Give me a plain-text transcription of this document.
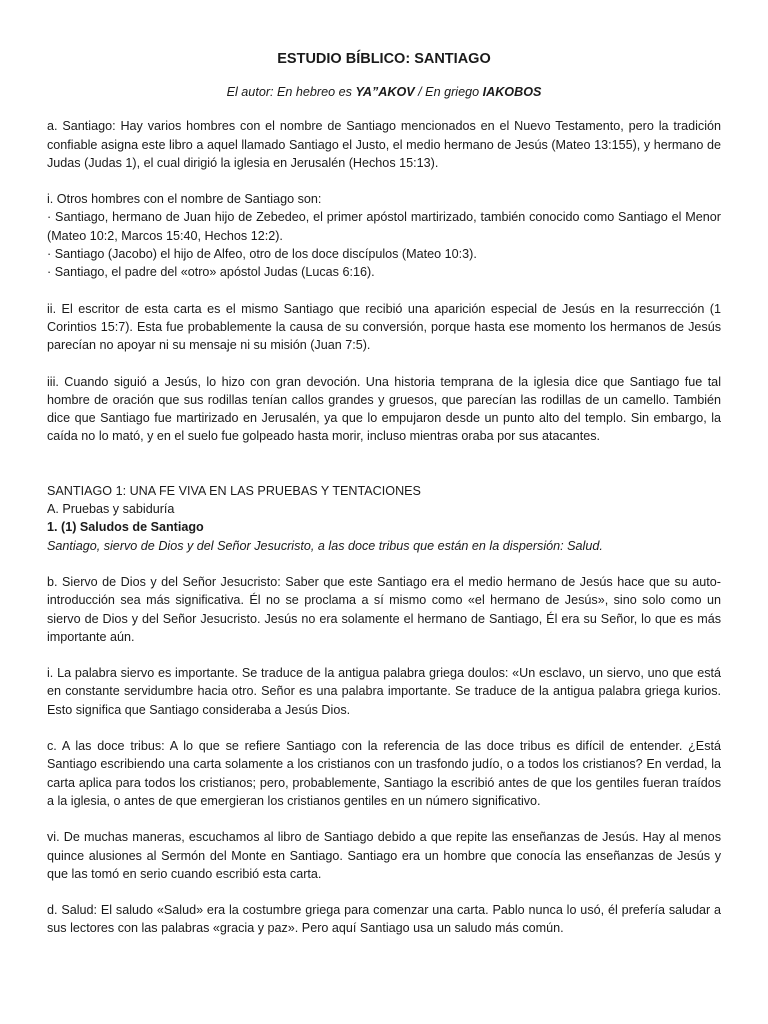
ESTUDIO BÍBLICO: SANTIAGO
El autor: En hebreo es YA”AKOV / En griego IAKOBOS

a. Santiago: Hay varios hombres con el nombre de Santiago mencionados en el Nuevo Testamento, pero la tradición confiable asigna este libro a aquel llamado Santiago el Justo, el medio hermano de Jesús (Mateo 13:155), y hermano de Judas (Judas 1), el cual dirigió la iglesia en Jerusalén (Hechos 15:13).

i. Otros hombres con el nombre de Santiago son:

· Santiago, hermano de Juan hijo de Zebedeo, el primer apóstol martirizado, también conocido como Santiago el Menor (Mateo 10:2, Marcos 15:40, Hechos 12:2).

· Santiago (Jacobo) el hijo de Alfeo, otro de los doce discípulos (Mateo 10:3).

· Santiago, el padre del «otro» apóstol Judas (Lucas 6:16).

ii. El escritor de esta carta es el mismo Santiago que recibió una aparición especial de Jesús en la resurrección (1 Corintios 15:7). Esta fue probablemente la causa de su conversión, porque hasta ese momento los hermanos de Jesús parecían no apoyar ni su mensaje ni su misión (Juan 7:5).

iii. Cuando siguió a Jesús, lo hizo con gran devoción. Una historia temprana de la iglesia dice que Santiago fue tal hombre de oración que sus rodillas tenían callos grandes y gruesos, que parecían las rodillas de un camello. También dice que Santiago fue martirizado en Jerusalén, ya que lo empujaron desde un punto alto del templo. Sin embargo, la caída no lo mató, y en el suelo fue golpeado hasta morir, incluso mientras oraba por sus atacantes.

SANTIAGO 1: UNA FE VIVA EN LAS PRUEBAS Y TENTACIONES

A. Pruebas y sabiduría

1. (1) Saludos de Santiago

Santiago, siervo de Dios y del Señor Jesucristo, a las doce tribus que están en la dispersión: Salud.

b. Siervo de Dios y del Señor Jesucristo: Saber que este Santiago era el medio hermano de Jesús hace que su auto-introducción sea más significativa. Él no se proclama a sí mismo como «el hermano de Jesús», sino solo como un siervo de Dios y del Señor Jesucristo. Jesús no era solamente el hermano de Santiago, Él era su Señor, lo que es más importante aún.

i. La palabra siervo es importante. Se traduce de la antigua palabra griega doulos: «Un esclavo, un siervo, uno que está en constante servidumbre hacia otro. Señor es una palabra importante. Se traduce de la antigua palabra griega kurios. Esto significa que Santiago consideraba a Jesús Dios.

c. A las doce tribus: A lo que se refiere Santiago con la referencia de las doce tribus es difícil de entender. ¿Está Santiago escribiendo una carta solamente a los cristianos con un trasfondo judío, o a todos los cristianos? En verdad, la carta aplica para todos los cristianos; pero, probablemente, Santiago la escribió antes de que los gentiles fueran traídos a la iglesia, o antes de que emergieran los cristianos gentiles en un número significativo.

vi. De muchas maneras, escuchamos al libro de Santiago debido a que repite las enseñanzas de Jesús. Hay al menos quince alusiones al Sermón del Monte en Santiago. Santiago era un hombre que conocía las enseñanzas de Jesús y que las tomó en serio cuando escribió esta carta.

d. Salud: El saludo «Salud» era la costumbre griega para comenzar una carta. Pablo nunca lo usó, él prefería saludar a sus lectores con las palabras «gracia y paz». Pero aquí Santiago usa un saludo más común.
